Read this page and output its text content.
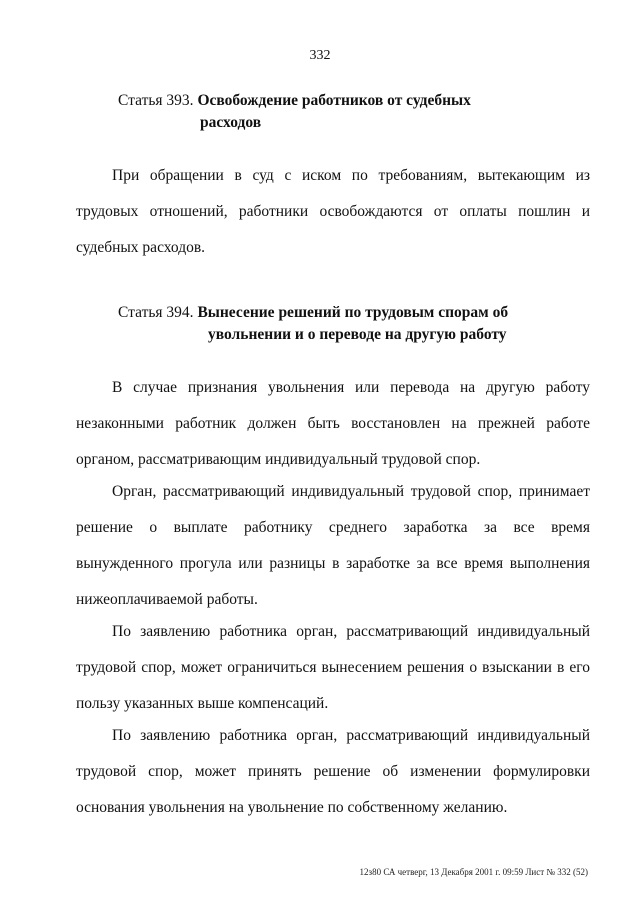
332
Статья 393. Освобождение работников от судебных
расходов

При обращении в суд с иском по требованиям, вытекающим из трудовых отношений, работники освобождаются от оплаты пошлин и судебных расходов.

Статья 394. Вынесение решений по трудовым спорам об
увольнении и о переводе на другую работу

В случае признания увольнения или перевода на другую работу незаконными работник должен быть восстановлен на прежней работе органом, рассматривающим индивидуальный трудовой спор.

Орган, рассматривающий индивидуальный трудовой спор, принимает решение о выплате работнику среднего заработка за все время вынужденного прогула или разницы в заработке за все время выполнения нижеоплачиваемой работы.

По заявлению работника орган, рассматривающий индивидуальный трудовой спор, может ограничиться вынесением решения о взыскании в его пользу указанных выше компенсаций.

По заявлению работника орган, рассматривающий индивидуальный трудовой спор, может принять решение об изменении формулировки основания увольнения на увольнение по собственному желанию.

12з80 СА четверг, 13 Декабря 2001 г. 09:59 Лист № 332 (52)
